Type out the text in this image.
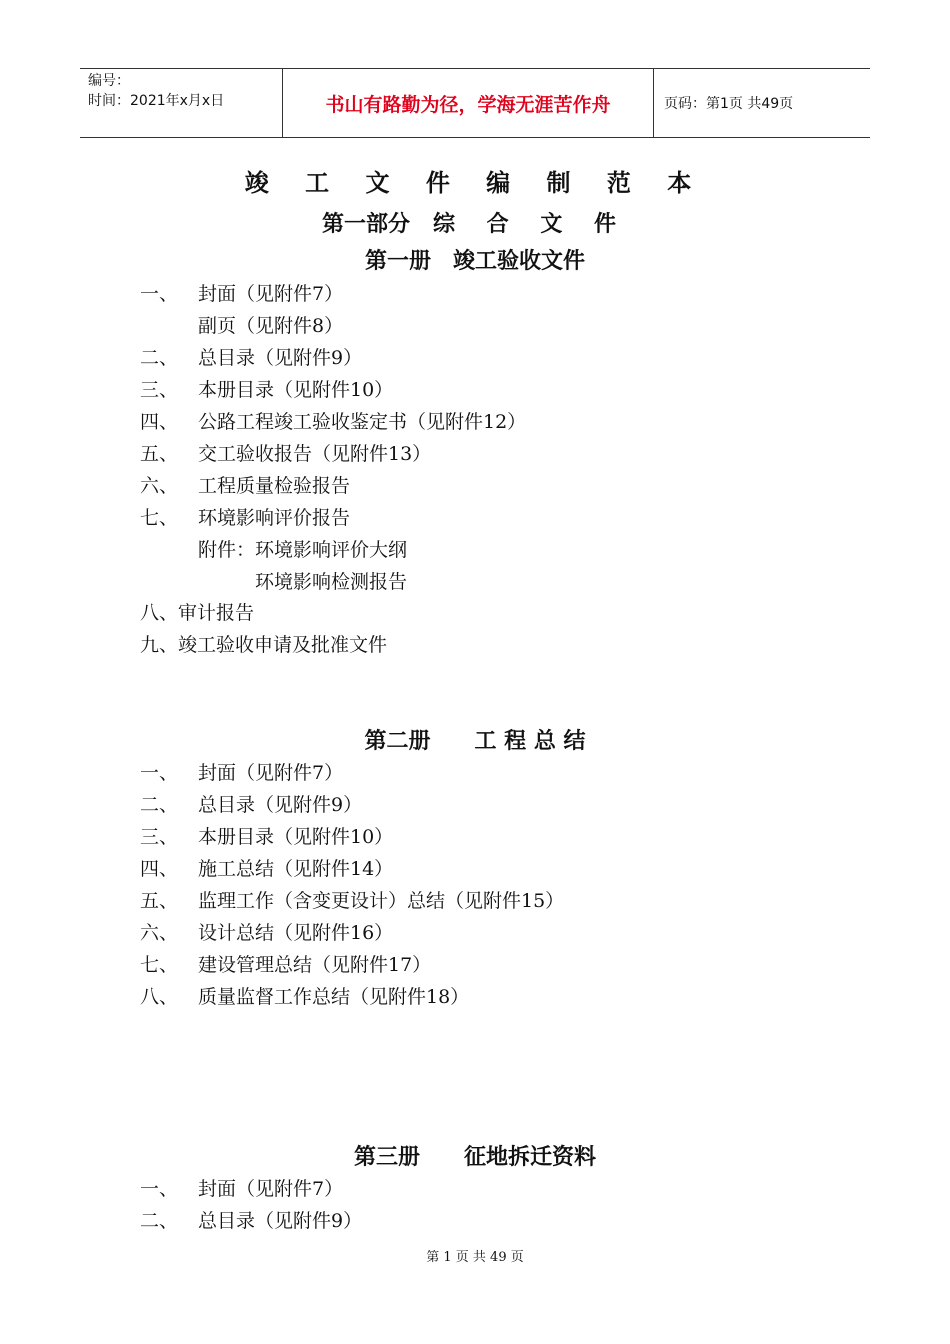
编号：
时间：2021年x月x日	书山有路勤为径，学海无涯苦作舟	页码：第1页 共49页
竣 工 文 件 编 制 范 本
第一部分 综 合 文 件
第一册　竣工验收文件
一、 封面（见附件7）
副页（见附件8）
二、 总目录（见附件9）
三、 本册目录（见附件10）
四、 公路工程竣工验收鉴定书（见附件12）
五、 交工验收报告（见附件13）
六、 工程质量检验报告
七、 环境影响评价报告
附件：环境影响评价大纲
　　　环境影响检测报告
八、审计报告
九、竣工验收申请及批准文件
第二册　　工 程 总 结
一、 封面（见附件7）
二、 总目录（见附件9）
三、 本册目录（见附件10）
四、 施工总结（见附件14）
五、 监理工作（含变更设计）总结（见附件15）
六、 设计总结（见附件16）
七、 建设管理总结（见附件17）
八、 质量监督工作总结（见附件18）
第三册　　征地拆迁资料
一、 封面（见附件7）
二、 总目录（见附件9）
第 1 页 共 49 页
